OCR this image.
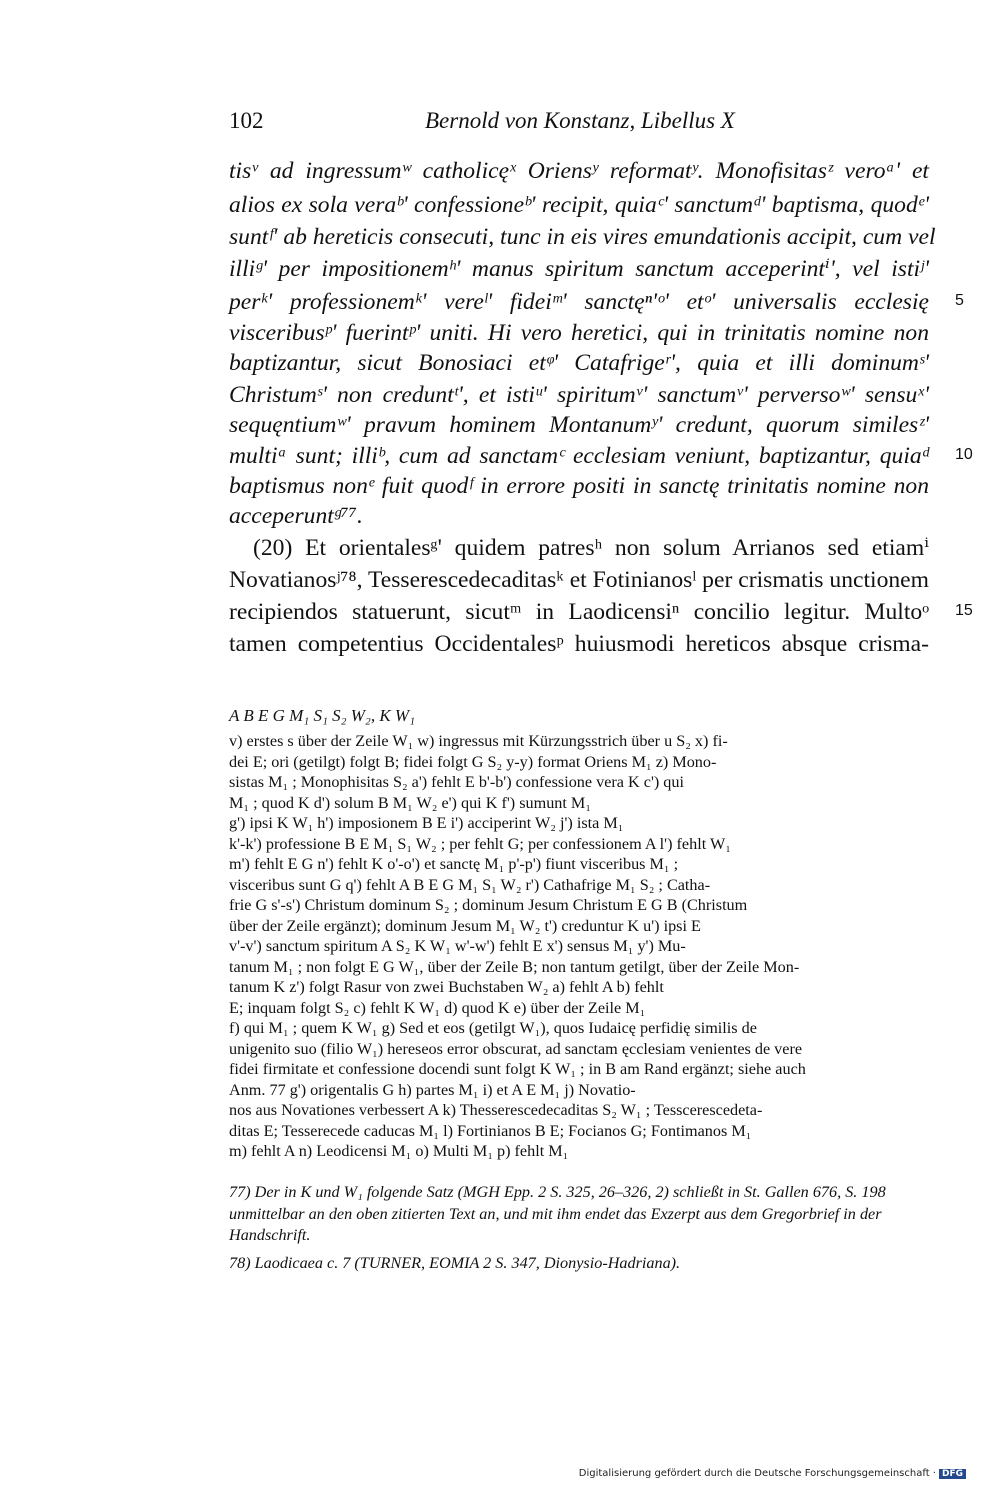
102	Bernold von Konstanz, Libellus X
tisᵛ ad ingressumʷ catholicęˣ Oriensʸ reformatʸ. Monofisitasᶻ veroᵃ' et
alios ex sola veraᵇ' confessioneᵇ' recipit, quiaᶜ' sanctumᵈ' baptisma, quodᵉ'
suntᶠ' ab hereticis consecuti, tunc in eis vires emundationis accipit, cum vel
illiᵍ' per impositionemʰ' manus spiritum sanctum acceperintⁱ', vel istiʲ'
perᵏ' professionemᵏ' vereˡ' fideiᵐ' sanctęⁿ'ᵒ' etᵒ' universalis ecclesię
visceribusᵖ' fuerintᵖ' uniti. Hi vero heretici, qui in trinitatis nomine non
baptizantur, sicut Bonosiaci etᵠ' Catafrigeʳ', quia et illi dominumˢ'
Christumˢ' non creduntᵗ', et istiᵘ' spiritumᵛ' sanctumᵛ' perversoʷ' sensuˣ'
sequęntiumʷ' pravum hominem Montanumʸ' credunt, quorum similesᶻ'
multiᵃ sunt; illiᵇ, cum ad sanctamᶜ ecclesiam veniunt, baptizantur, quiaᵈ
baptismus nonᵉ fuit quodᶠ in errore positi in sanctę trinitatis nomine non
acceperuntᵍ⁷⁷.
(20) Et orientalesᵍ' quidem patresʰ non solum Arrianos sed etiamⁱ
Novatianosʲ⁷⁸, Tesserescedecaditasᵏ et Fotinianosˡ per crismatis unctionem
recipiendos statuerunt, sicutᵐ in Laodicensiⁿ concilio legitur. Multoᵒ
tamen competentius Occidentalesᵖ huiusmodi hereticos absque crisma-
5
10
15
A B E G M₁ S₁ S₂ W₂, K W₁
v) erstes s über der Zeile W₁ w) ingressus mit Kürzungsstrich über u S₂ x) fi-
dei E; ori (getilgt) folgt B; fidei folgt G S₂ y-y) format Oriens M₁ z) Mono-
sistas M₁ ; Monophisitas S₂ a') fehlt E b'-b') confessione vera K c') qui
M₁ ; quod K d') solum B M₁ W₂ e') qui K f') sumunt M₁
g') ipsi K W₁ h') imposionem B E i') acciperint W₂ j') ista M₁
k'-k') professione B E M₁ S₁ W₂ ; per fehlt G; per confessionem A l') fehlt W₁
m') fehlt E G n') fehlt K o'-o') et sanctę M₁ p'-p') fiunt visceribus M₁ ;
visceribus sunt G q') fehlt A B E G M₁ S₁ W₂ r') Cathafrige M₁ S₂ ; Catha-
frie G s'-s') Christum dominum S₂ ; dominum Jesum Christum E G B (Christum
über der Zeile ergänzt); dominum Jesum M₁ W₂ t') creduntur K u') ipsi E
v'-v') sanctum spiritum A S₂ K W₁ w'-w') fehlt E x') sensus M₁ y') Mu-
tanum M₁ ; non folgt E G W₁, über der Zeile B; non tantum getilgt, über der Zeile Mon-
tanum K z') folgt Rasur von zwei Buchstaben W₂ a) fehlt A b) fehlt
E; inquam folgt S₂ c) fehlt K W₁ d) quod K e) über der Zeile M₁
f) qui M₁ ; quem K W₁ g) Sed et eos (getilgt W₁), quos Iudaicę perfidię similis de
unigenito suo (filio W₁) hereseos error obscurat, ad sanctam ęcclesiam venientes de vere
fidei firmitate et confessione docendi sunt folgt K W₁ ; in B am Rand ergänzt; siehe auch
Anm. 77 g') origentalis G h) partes M₁ i) et A E M₁ j) Novatio-
nos aus Novationes verbessert A k) Thesserescedecaditas S₂ W₁ ; Tesscerescedeta-
ditas E; Tesserecede caducas M₁ l) Fortinianos B E; Focianos G; Fontimanos M₁
m) fehlt A n) Leodicensi M₁ o) Multi M₁ p) fehlt M₁
77) Der in K und W₁ folgende Satz (MGH Epp. 2 S. 325, 26–326, 2) schließt in St. Gallen 676, S. 198 unmittelbar an den oben zitierten Text an, und mit ihm endet das Exzerpt aus dem Gregorbrief in der Handschrift.
78) Laodicaea c. 7 (TURNER, EOMIA 2 S. 347, Dionysio-Hadriana).
Digitalisierung gefördert durch die Deutsche Forschungsgemeinschaft · DFG
